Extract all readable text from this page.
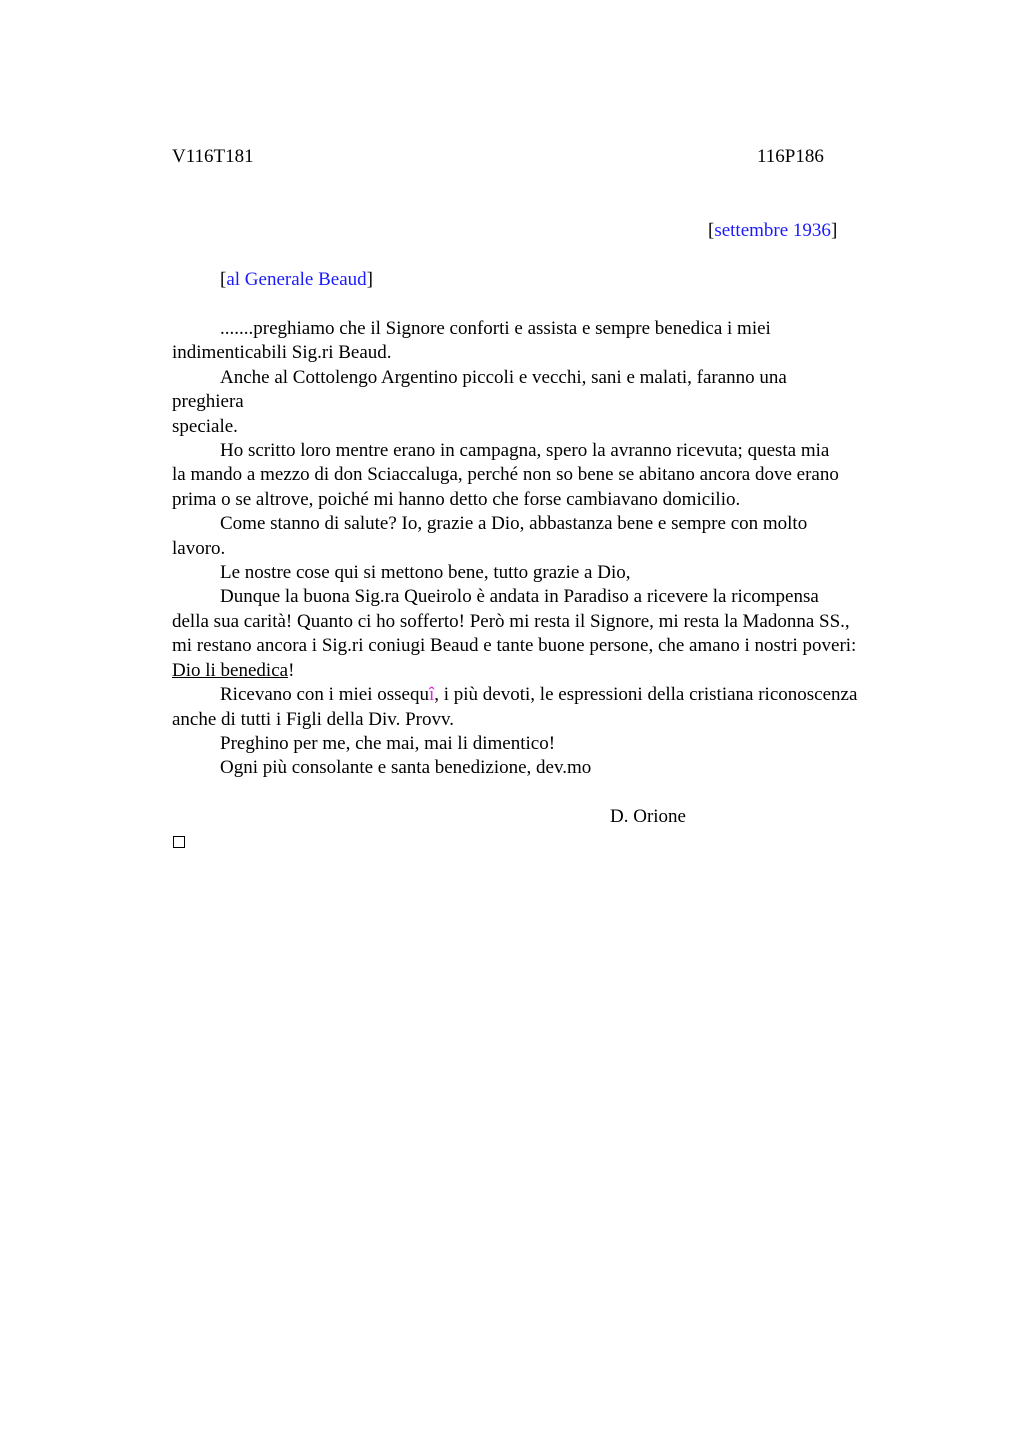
V116T181	116P186
[settembre 1936]
[al Generale Beaud]

.......preghiamo che il Signore conforti e assista e sempre benedica i miei
indimenticabili Sig.ri Beaud.

Anche al Cottolengo Argentino piccoli e vecchi, sani e malati, faranno una
preghiera
speciale.

Ho scritto loro mentre erano in campagna, spero la avranno ricevuta; questa mia
la mando a mezzo di don Sciaccaluga, perché non so bene se abitano ancora dove erano
prima o se altrove, poiché mi hanno detto che forse cambiavano domicilio.

Come stanno di salute? Io, grazie a Dio, abbastanza bene e sempre con molto
lavoro.

Le nostre cose qui si mettono bene, tutto grazie a Dio,

Dunque la buona Sig.ra Queirolo è andata in Paradiso a ricevere la ricompensa
della sua carità! Quanto ci ho sofferto! Però mi resta il Signore, mi resta la Madonna SS.,
mi restano ancora i Sig.ri coniugi Beaud e tante buone persone, che amano i nostri poveri:
Dio li benedica!

Ricevano con i miei ossequî, i più devoti, le espressioni della cristiana riconoscenza
anche di tutti i Figli della Div. Provv.

Preghino per me, che mai, mai li dimentico!

Ogni più consolante e santa benedizione, dev.mo

D. Orione
